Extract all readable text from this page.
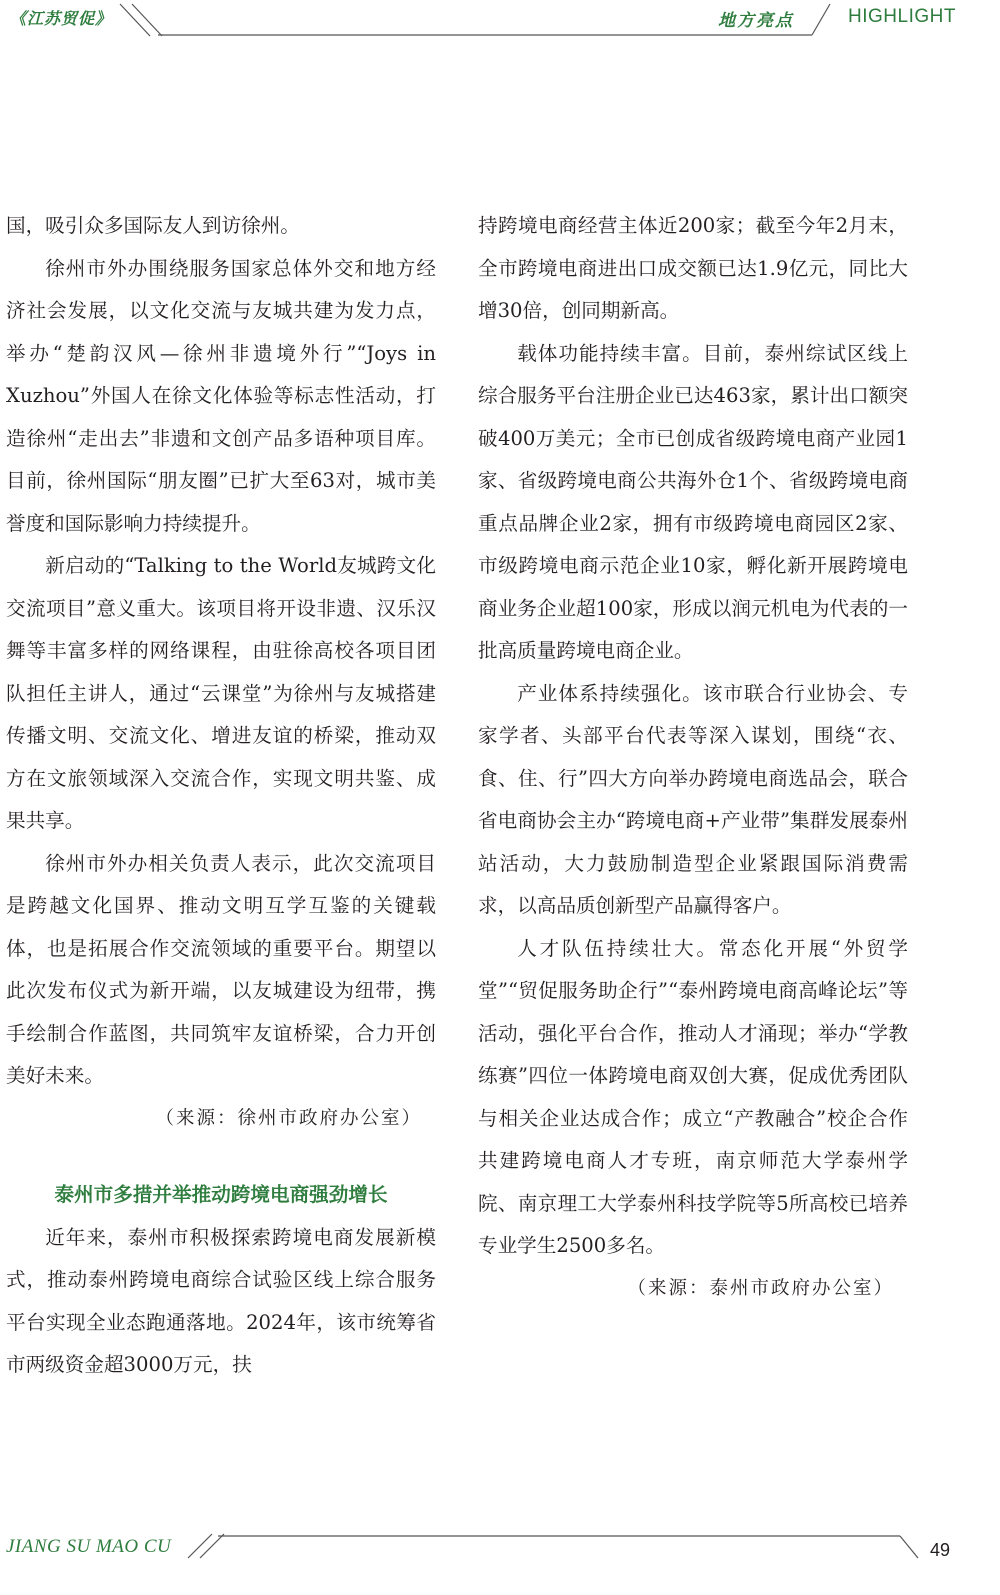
《江苏贸促》	地方亮点	HIGHLIGHT

国，吸引众多国际友人到访徐州。

徐州市外办围绕服务国家总体外交和地方经济社会发展，以文化交流与友城共建为发力点，举办“楚韵汉风—徐州非遗境外行”“Joys in Xuzhou”外国人在徐文化体验等标志性活动，打造徐州“走出去”非遗和文创产品多语种项目库。目前，徐州国际“朋友圈”已扩大至63对，城市美誉度和国际影响力持续提升。

新启动的“Talking to the World友城跨文化交流项目”意义重大。该项目将开设非遗、汉乐汉舞等丰富多样的网络课程，由驻徐高校各项目团队担任主讲人，通过“云课堂”为徐州与友城搭建传播文明、交流文化、增进友谊的桥梁，推动双方在文旅领域深入交流合作，实现文明共鉴、成果共享。

徐州市外办相关负责人表示，此次交流项目是跨越文化国界、推动文明互学互鉴的关键载体，也是拓展合作交流领域的重要平台。期望以此次发布仪式为新开端，以友城建设为纽带，携手绘制合作蓝图，共同筑牢友谊桥梁，合力开创美好未来。

（来源：徐州市政府办公室）

泰州市多措并举推动跨境电商强劲增长

近年来，泰州市积极探索跨境电商发展新模式，推动泰州跨境电商综合试验区线上综合服务平台实现全业态跑通落地。2024年，该市统筹省市两级资金超3000万元，扶

持跨境电商经营主体近200家；截至今年2月末，全市跨境电商进出口成交额已达1.9亿元，同比大增30倍，创同期新高。

载体功能持续丰富。目前，泰州综试区线上综合服务平台注册企业已达463家，累计出口额突破400万美元；全市已创成省级跨境电商产业园1家、省级跨境电商公共海外仓1个、省级跨境电商重点品牌企业2家，拥有市级跨境电商园区2家、市级跨境电商示范企业10家，孵化新开展跨境电商业务企业超100家，形成以润元机电为代表的一批高质量跨境电商企业。

产业体系持续强化。该市联合行业协会、专家学者、头部平台代表等深入谋划，围绕“衣、食、住、行”四大方向举办跨境电商选品会，联合省电商协会主办“跨境电商+产业带”集群发展泰州站活动，大力鼓励制造型企业紧跟国际消费需求，以高品质创新型产品赢得客户。

人才队伍持续壮大。常态化开展“外贸学堂”“贸促服务助企行”“泰州跨境电商高峰论坛”等活动，强化平台合作，推动人才涌现；举办“学教练赛”四位一体跨境电商双创大赛，促成优秀团队与相关企业达成合作；成立“产教融合”校企合作共建跨境电商人才专班，南京师范大学泰州学院、南京理工大学泰州科技学院等5所高校已培养专业学生2500多名。

（来源：泰州市政府办公室）

JIANG SU MAO CU	49
